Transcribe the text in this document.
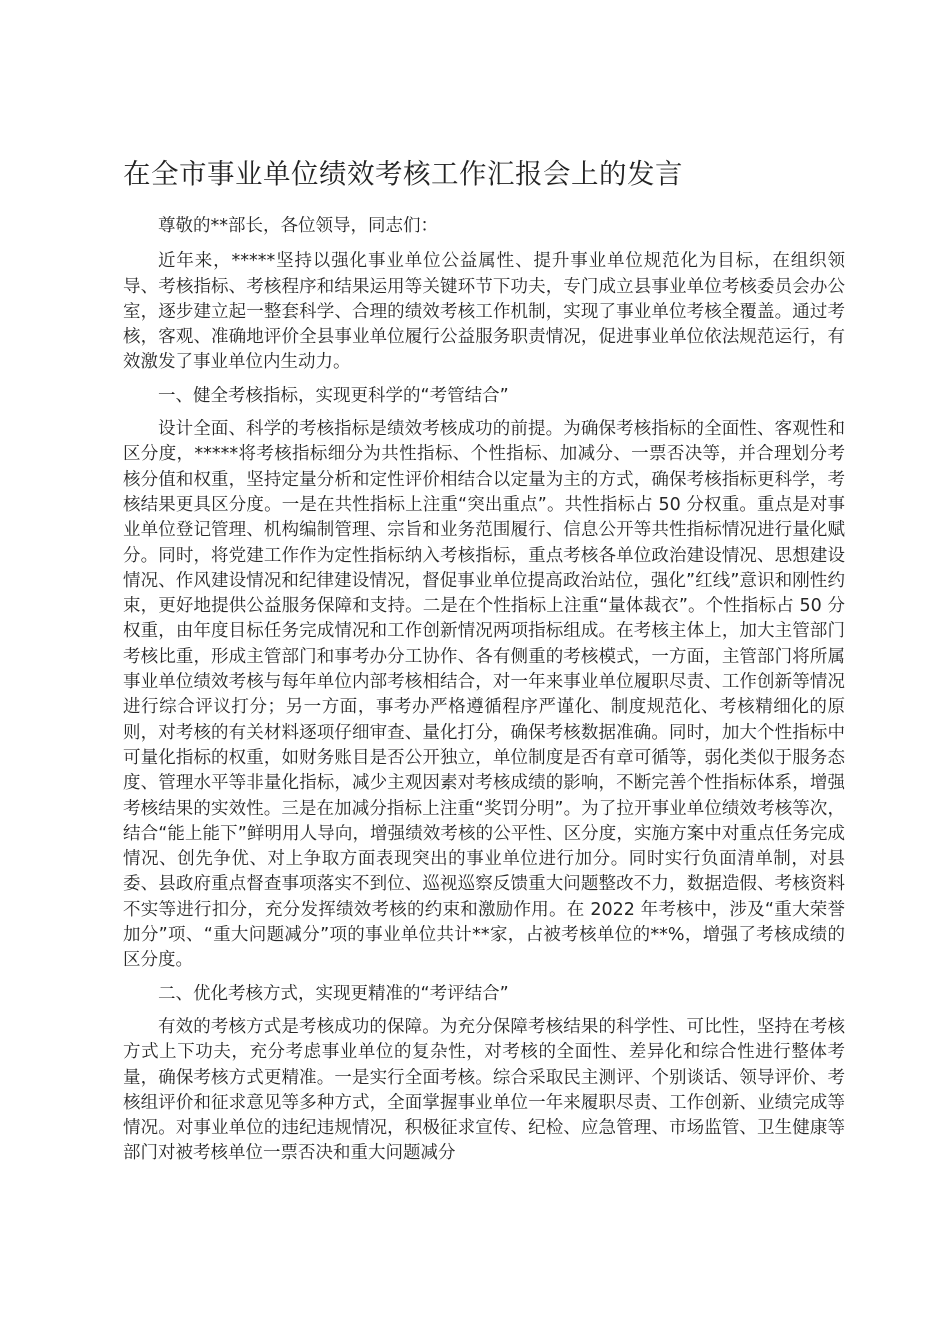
在全市事业单位绩效考核工作汇报会上的发言

尊敬的**部长，各位领导，同志们：

近年来，*****坚持以强化事业单位公益属性、提升事业单位规范化为目标，在组织领导、考核指标、考核程序和结果运用等关键环节下功夫，专门成立县事业单位考核委员会办公室，逐步建立起一整套科学、合理的绩效考核工作机制，实现了事业单位考核全覆盖。通过考核，客观、准确地评价全县事业单位履行公益服务职责情况，促进事业单位依法规范运行，有效激发了事业单位内生动力。

一、健全考核指标，实现更科学的“考管结合”

设计全面、科学的考核指标是绩效考核成功的前提。为确保考核指标的全面性、客观性和区分度，*****将考核指标细分为共性指标、个性指标、加减分、一票否决等，并合理划分考核分值和权重，坚持定量分析和定性评价相结合以定量为主的方式，确保考核指标更科学，考核结果更具区分度。一是在共性指标上注重“突出重点”。共性指标占 50 分权重。重点是对事业单位登记管理、机构编制管理、宗旨和业务范围履行、信息公开等共性指标情况进行量化赋分。同时，将党建工作作为定性指标纳入考核指标，重点考核各单位政治建设情况、思想建设情况、作风建设情况和纪律建设情况，督促事业单位提高政治站位，强化”红线”意识和刚性约束，更好地提供公益服务保障和支持。二是在个性指标上注重“量体裁衣”。个性指标占 50 分权重，由年度目标任务完成情况和工作创新情况两项指标组成。在考核主体上，加大主管部门考核比重，形成主管部门和事考办分工协作、各有侧重的考核模式，一方面，主管部门将所属事业单位绩效考核与每年单位内部考核相结合，对一年来事业单位履职尽责、工作创新等情况进行综合评议打分；另一方面，事考办严格遵循程序严谨化、制度规范化、考核精细化的原则，对考核的有关材料逐项仔细审查、量化打分，确保考核数据准确。同时，加大个性指标中可量化指标的权重，如财务账目是否公开独立，单位制度是否有章可循等，弱化类似于服务态度、管理水平等非量化指标，减少主观因素对考核成绩的影响，不断完善个性指标体系，增强考核结果的实效性。三是在加减分指标上注重“奖罚分明”。为了拉开事业单位绩效考核等次，结合“能上能下”鲜明用人导向，增强绩效考核的公平性、区分度，实施方案中对重点任务完成情况、创先争优、对上争取方面表现突出的事业单位进行加分。同时实行负面清单制，对县委、县政府重点督查事项落实不到位、巡视巡察反馈重大问题整改不力，数据造假、考核资料不实等进行扣分，充分发挥绩效考核的约束和激励作用。在 2022 年考核中，涉及“重大荣誉加分”项、“重大问题减分”项的事业单位共计**家，占被考核单位的**%，增强了考核成绩的区分度。

二、优化考核方式，实现更精准的“考评结合”

有效的考核方式是考核成功的保障。为充分保障考核结果的科学性、可比性，坚持在考核方式上下功夫，充分考虑事业单位的复杂性，对考核的全面性、差异化和综合性进行整体考量，确保考核方式更精准。一是实行全面考核。综合采取民主测评、个别谈话、领导评价、考核组评价和征求意见等多种方式，全面掌握事业单位一年来履职尽责、工作创新、业绩完成等情况。对事业单位的违纪违规情况，积极征求宣传、纪检、应急管理、市场监管、卫生健康等部门对被考核单位一票否决和重大问题减分
